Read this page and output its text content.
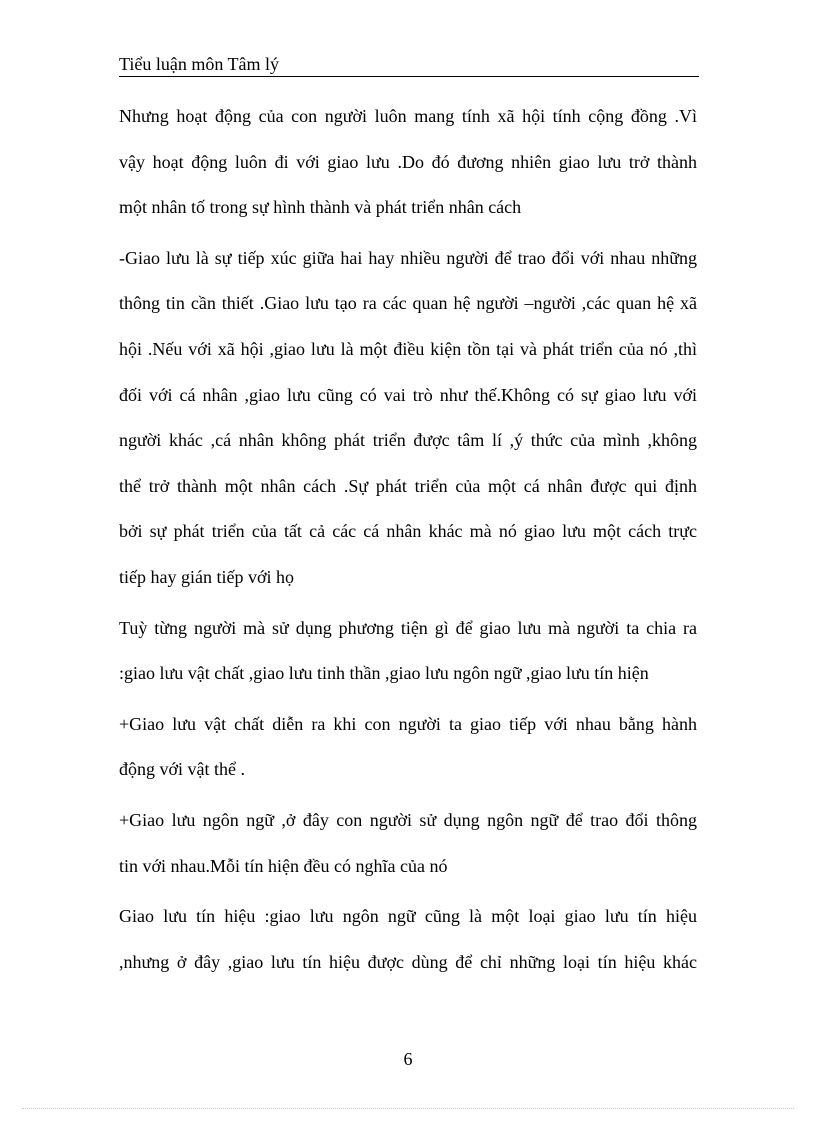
Tiểu luận môn Tâm lý

Nhưng hoạt động của con người luôn mang tính xã hội tính cộng đồng .Vì
vậy hoạt động luôn đi với giao lưu .Do đó đương nhiên giao lưu trở thành
một nhân tố trong sự hình thành và phát triển nhân cách

-Giao lưu là sự tiếp xúc giữa hai hay nhiều người để trao đổi với nhau những
thông tin cần thiết .Giao lưu tạo ra các quan hệ người –người ,các quan hệ xã
hội .Nếu với xã hội ,giao lưu là một điều kiện tồn tại và phát triển của nó ,thì
đối với cá nhân ,giao lưu cũng có vai trò như thế.Không có sự giao lưu với
người khác ,cá nhân không phát triển được tâm lí ,ý thức của mình ,không
thể trở thành một nhân cách .Sự phát triển của một cá nhân được qui định
bởi sự phát triển của tất cả các cá nhân khác mà nó giao lưu một cách trực
tiếp hay gián tiếp với họ

Tuỳ từng người mà sử dụng phương tiện gì để giao lưu mà người ta chia ra
:giao lưu vật chất ,giao lưu tinh thần ,giao lưu ngôn ngữ ,giao lưu tín hiện

+Giao lưu vật chất diễn ra khi con người ta giao tiếp với nhau bằng hành
động với vật thể .

+Giao lưu ngôn ngữ ,ở đây con người sử dụng ngôn ngữ để trao đổi thông
tin với nhau.Mỗi tín hiện đều có nghĩa của nó

Giao lưu tín hiệu :giao lưu ngôn ngữ cũng là một loại giao lưu tín hiệu
,nhưng ở đây ,giao lưu tín hiệu được dùng để chỉ những loại tín hiệu khác

6
